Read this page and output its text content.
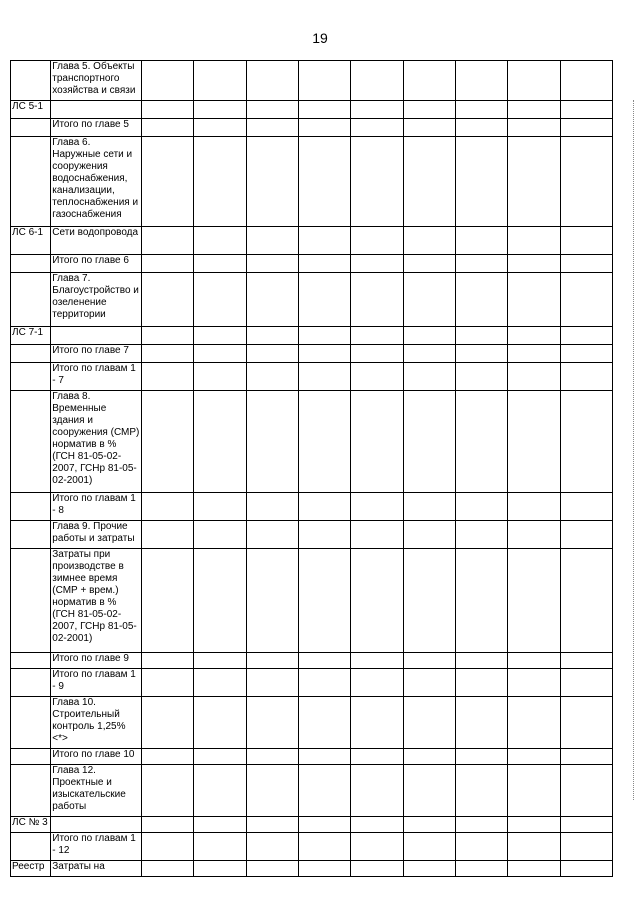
19
	Глава 5. Объекты транспортного хозяйства и связи									
ЛС 5-1										
	Итого по главе 5									
	Глава 6. Наружные сети и сооружения водоснабжения, канализации, теплоснабжения и газоснабжения									
ЛС 6-1	Сети водопровода									
	Итого по главе 6									
	Глава 7. Благоустройство и озеленение территории									
ЛС 7-1										
	Итого по главе 7									
	Итого по главам 1 - 7									
	Глава 8. Временные здания и сооружения (СМР) норматив в % (ГСН 81-05-02-2007, ГСНр 81-05-02-2001)									
	Итого по главам 1 - 8									
	Глава 9. Прочие работы и затраты									
	Затраты при производстве в зимнее время (СМР + врем.) норматив в % (ГСН 81-05-02-2007, ГСНр 81-05-02-2001)									
	Итого по главе 9									
	Итого по главам 1 - 9									
	Глава 10. Строительный контроль 1,25% <*>									
	Итого по главе 10									
	Глава 12. Проектные и изыскательские работы									
ЛС № 3										
	Итого по главам 1 - 12									
Реестр	Затраты на									
